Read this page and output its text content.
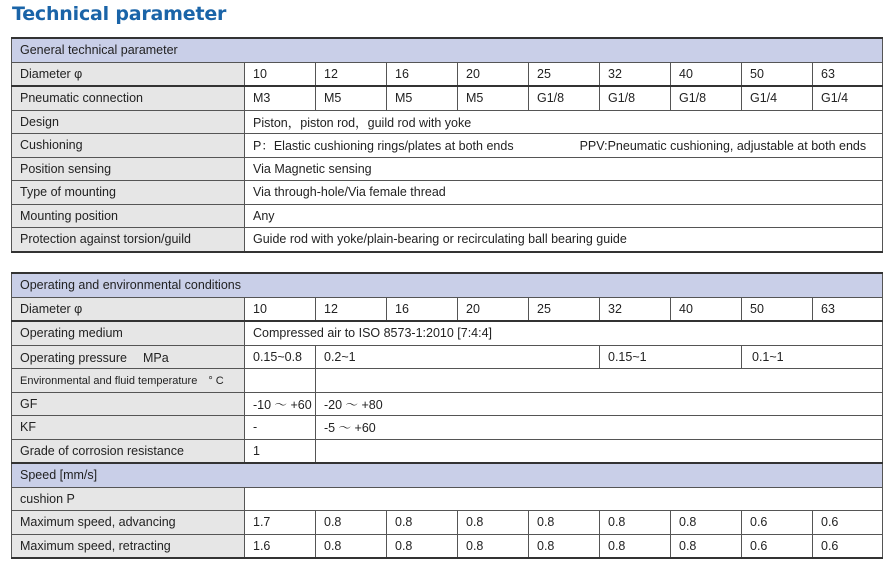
Technical parameter
General technical parameter									
Diameter φ	10	12	16	20	25	32	40	50	63
Pneumatic connection	M3	M5	M5	M5	G1/8	G1/8	G1/8	G1/4	G1/4
Design	Piston，piston rod，guild rod with yoke								
Cushioning	P：Elastic cushioning rings/plates at both ends PPV:Pneumatic cushioning, adjustable at both ends								
Position sensing	Via Magnetic sensing								
Type of mounting	Via through-hole/Via female thread								
Mounting position	Any								
Protection against torsion/guild	Guide rod with yoke/plain-bearing or recirculating ball bearing guide								
Operating and environmental conditions									
Diameter φ	10	12	16	20	25	32	40	50	63
Operating medium	Compressed air to ISO 8573-1:2010 [7:4:4]								
Operating pressure　 MPa	0.15~0.8	0.2~1				0.15~1		0.1~1	
Environmental and fluid temperature　° C									
GF	-10 ～ +60	-20 ～ +80							
KF	-	-5 ～ +60							
Grade of corrosion resistance	1								
Speed [mm/s]									
cushion P									
Maximum speed, advancing	1.7	0.8	0.8	0.8	0.8	0.8	0.8	0.6	0.6
Maximum speed, retracting	1.6	0.8	0.8	0.8	0.8	0.8	0.8	0.6	0.6
